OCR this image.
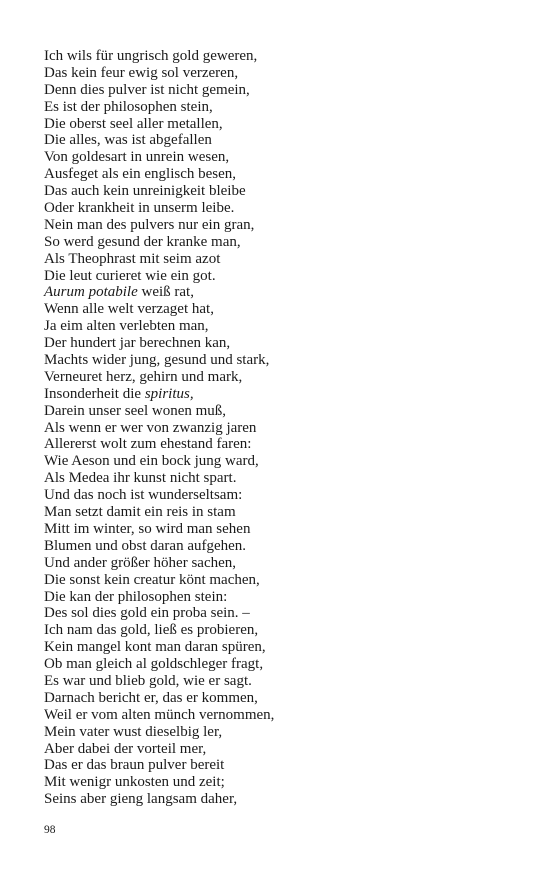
Ich wils für ungrisch gold geweren,
Das kein feur ewig sol verzeren,
Denn dies pulver ist nicht gemein,
Es ist der philosophen stein,
Die oberst seel aller metallen,
Die alles, was ist abgefallen
Von goldesart in unrein wesen,
Ausfeget als ein englisch besen,
Das auch kein unreinigkeit bleibe
Oder krankheit in unserm leibe.
Nein man des pulvers nur ein gran,
So werd gesund der kranke man,
Als Theophrast mit seim azot
Die leut curieret wie ein got.
Aurum potabile weiß rat,
Wenn alle welt verzaget hat,
Ja eim alten verlebten man,
Der hundert jar berechnen kan,
Machts wider jung, gesund und stark,
Verneuret herz, gehirn und mark,
Insonderheit die spiritus,
Darein unser seel wonen muß,
Als wenn er wer von zwanzig jaren
Allererst wolt zum ehestand faren:
Wie Aeson und ein bock jung ward,
Als Medea ihr kunst nicht spart.
Und das noch ist wunderseltsam:
Man setzt damit ein reis in stam
Mitt im winter, so wird man sehen
Blumen und obst daran aufgehen.
Und ander größer höher sachen,
Die sonst kein creatur könt machen,
Die kan der philosophen stein:
Des sol dies gold ein proba sein. –
Ich nam das gold, ließ es probieren,
Kein mangel kont man daran spüren,
Ob man gleich al goldschleger fragt,
Es war und blieb gold, wie er sagt.
Darnach bericht er, das er kommen,
Weil er vom alten münch vernommen,
Mein vater wust dieselbig ler,
Aber dabei der vorteil mer,
Das er das braun pulver bereit
Mit wenigr unkosten und zeit;
Seins aber gieng langsam daher,
98
